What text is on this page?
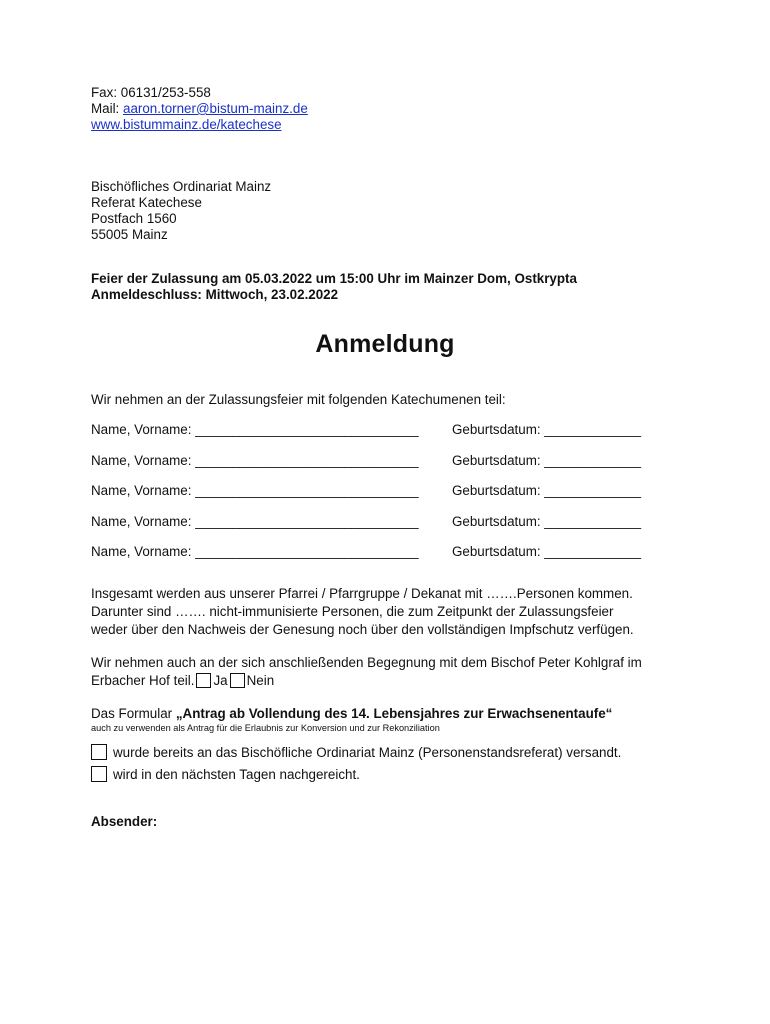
Fax: 06131/253-558
Mail: aaron.torner@bistum-mainz.de
www.bistummainz.de/katechese
Bischöfliches Ordinariat Mainz
Referat Katechese
Postfach 1560
55005 Mainz
Feier der Zulassung am 05.03.2022 um 15:00 Uhr im Mainzer Dom, Ostkrypta
Anmeldeschluss: Mittwoch, 23.02.2022
Anmeldung
Wir nehmen an der Zulassungsfeier mit folgenden Katechumenen teil:
Name, Vorname: ______________________________ Geburtsdatum: _____________
Name, Vorname: ______________________________ Geburtsdatum: _____________
Name, Vorname: ______________________________ Geburtsdatum: _____________
Name, Vorname: ______________________________ Geburtsdatum: _____________
Name, Vorname: ______________________________ Geburtsdatum: _____________
Insgesamt werden aus unserer Pfarrei / Pfarrgruppe / Dekanat mit …….Personen kommen.
Darunter sind ……. nicht-immunisierte Personen, die zum Zeitpunkt der Zulassungsfeier
weder über den Nachweis der Genesung noch über den vollständigen Impfschutz verfügen.
Wir nehmen auch an der sich anschließenden Begegnung mit dem Bischof Peter Kohlgraf im
Erbacher Hof teil. Ja Nein
Das Formular „Antrag ab Vollendung des 14. Lebensjahres zur Erwachsenentaufe“
auch zu verwenden als Antrag für die Erlaubnis zur Konversion und zur Rekonziliation
wurde bereits an das Bischöfliche Ordinariat Mainz (Personenstandsreferat) versandt.
wird in den nächsten Tagen nachgereicht.
Absender:
